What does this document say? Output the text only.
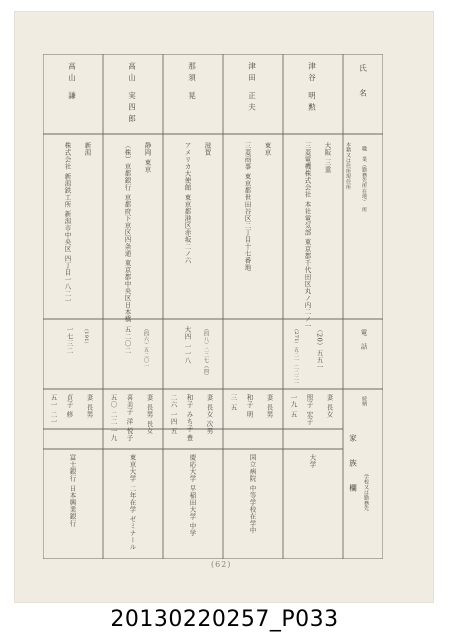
氏　名
本籍又は住所現住所 職　業（勤務先所在地）　所
電　話
続柄
家　族　欄 学校又は勤務先
津谷 明勲
大阪 三重
三菱電機株式会社 本社電気部 東京都千代田区丸ノ内二ノ一
（20）五五一
（271）五二一 二二二一
妻 長女
照子 宏子
一九 五
大学
津田 正夫
東京
三菱商事 東京都世田谷区二丁目十七番地
妻 長男
和子 明
三 五
国立病院 中等学校在学中
那須 晃
滋賀
アメリカ大使館 東京都港区赤坂二ノ六
（四八）二二七（四）
大四 一一八
妻 長女 次男
和子 みち子 豊
二六 一四 五
慶応大学 早稲田大学 中学
高山 実四郎
静岡 東京
（株）京都銀行 京都府下京区四条通 東京都中央区日本橋
（四六）五二〇一
五二〇二
妻 長男 長女
喜美子 洋 悦子
五〇 二二 一九
東京大学 二年在学 ゼミナール
高山 謙
新潟
株式会社 新潟鉄工所 新潟市中央区 四丁目一八二一
（191）
一七三二
妻 長男
貞子 修
五一 二一
富士銀行 日本興業銀行
(62)
20130220257_P033
